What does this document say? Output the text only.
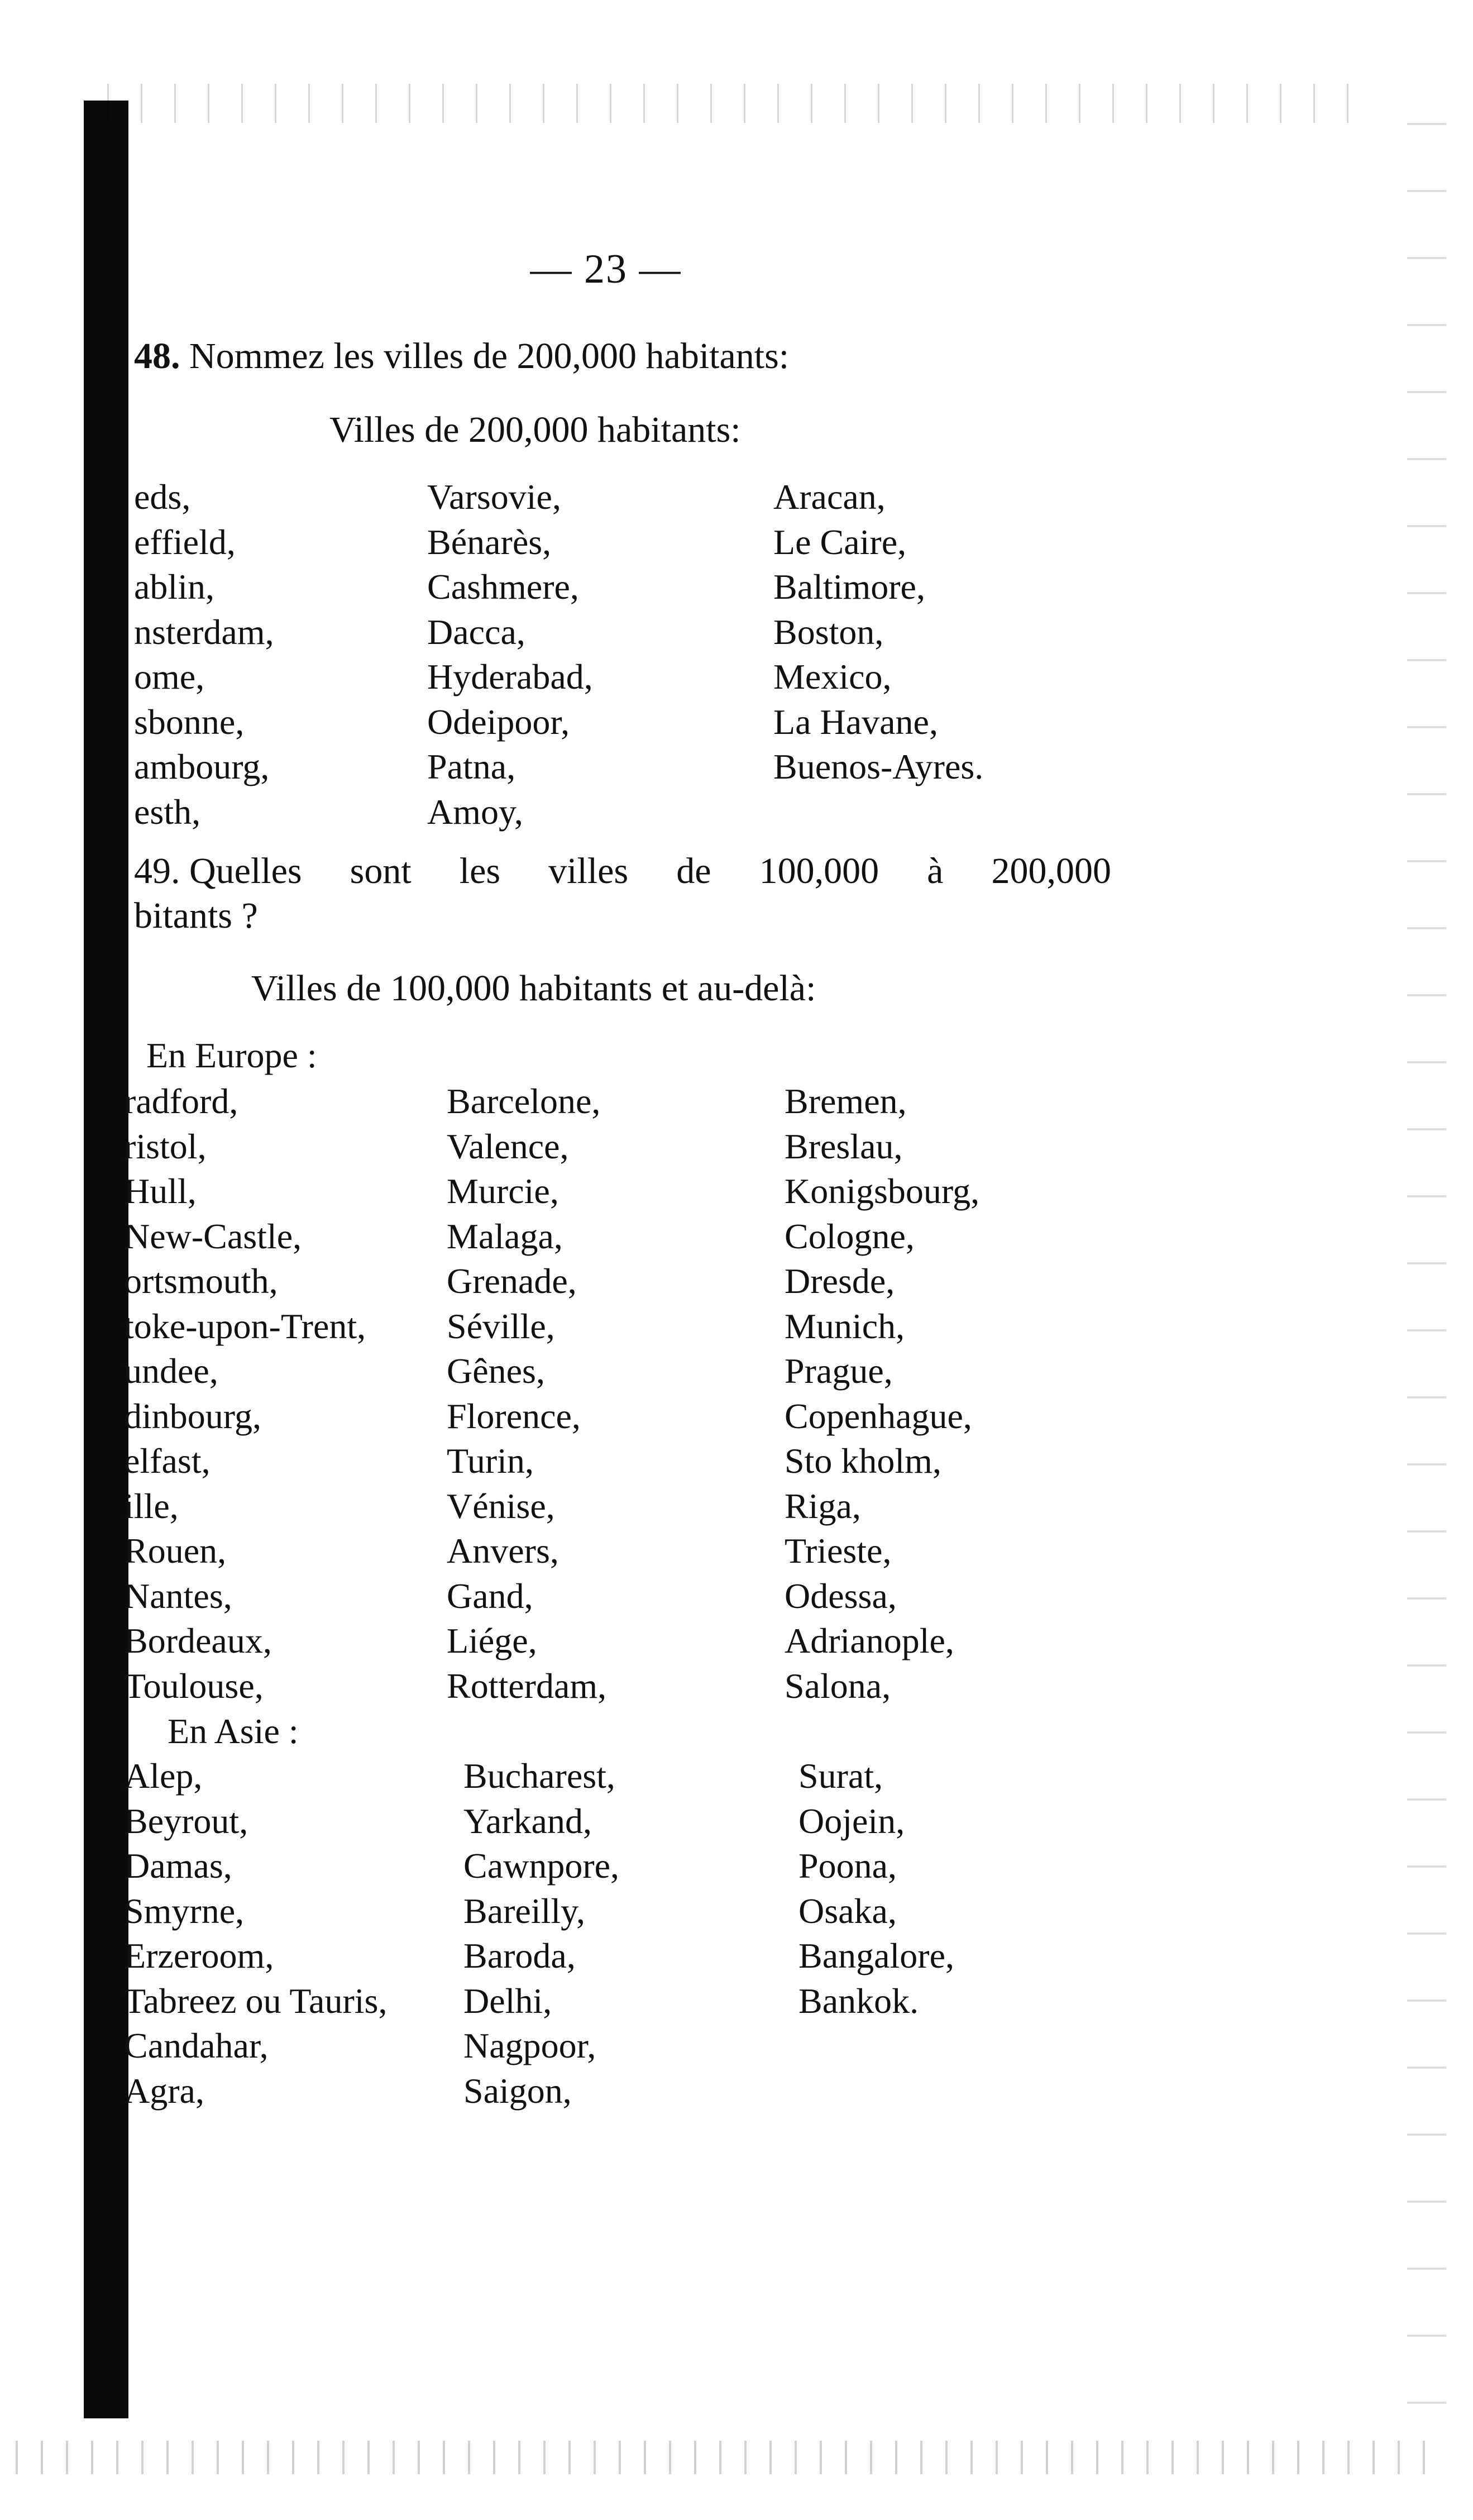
— 23 —
48. Nommez les villes de 200,000 habitants:
Villes de 200,000 habitants:
eds,
effield,
ablin,
nsterdam,
ome,
sbonne,
ambourg,
esth,
Varsovie,
Bénarès,
Cashmere,
Dacca,
Hyderabad,
Odeipoor,
Patna,
Amoy,
Aracan,
Le Caire,
Baltimore,
Boston,
Mexico,
La Havane,
Buenos-Ayres.
49. Quelles sont les villes de 100,000 à 200,000
bitants ?
Villes de 100,000 habitants et au-delà:
En Europe :
radford,
ristol,
Hull,
New-Castle,
ortsmouth,
toke-upon-Trent,
undee,
dinbourg,
elfast,
ille,
Rouen,
Nantes,
Bordeaux,
Toulouse,
Barcelone,
Valence,
Murcie,
Malaga,
Grenade,
Séville,
Gênes,
Florence,
Turin,
Vénise,
Anvers,
Gand,
Liége,
Rotterdam,
Bremen,
Breslau,
Konigsbourg,
Cologne,
Dresde,
Munich,
Prague,
Copenhague,
Sto kholm,
Riga,
Trieste,
Odessa,
Adrianople,
Salona,
En Asie :
Alep,
Beyrout,
Damas,
Smyrne,
Erzeroom,
Tabreez ou Tauris,
Candahar,
Agra,
Bucharest,
Yarkand,
Cawnpore,
Bareilly,
Baroda,
Delhi,
Nagpoor,
Saigon,
Surat,
Oojein,
Poona,
Osaka,
Bangalore,
Bankok.
